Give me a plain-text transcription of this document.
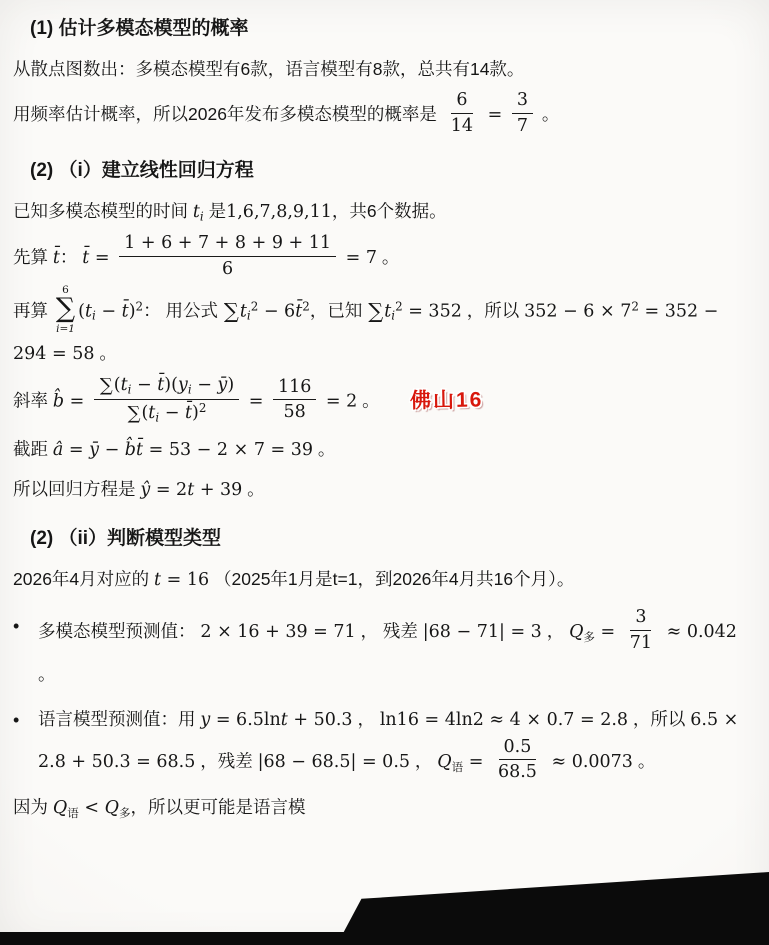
(1) 估计多模态模型的概率
从散点图数出：多模态模型有6款，语言模型有8款，总共有14款。
用频率估计概率，所以2026年发布多模态模型的概率是 $\frac{6}{14} = \frac{3}{7}$ 。
(2) （i）建立线性回归方程
已知多模态模型的时间 ti 是1,6,7,8,9,11，共6个数据。
先算 t̄： t̄ = $\frac{1 + 6 + 7 + 8 + 9 + 11}{6} = 7$ 。
再算
6
∑
i=1
(ti − t̄)$^2$： 用公式 $\sum ti^2$ − 6t̄$^2$，已知 $\sum ti^2 = 352$ ，所以 $352 - 6 \times 7^2 = 352 - 294 = 58$ 。
斜率 b̂ = $\frac{\sum(ti - t̄)(yi - ȳ)}{\sum(ti - t̄)^2} = \frac{116}{58} = 2$ 。 佛山16
截距 â = ȳ − b̂t̄ = 53 − 2 × 7 = 39 。
所以回归方程是 ŷ = 2t + 39 。
(2) （ii）判断模型类型
2026年4月对应的 t = 16 （2025年1月是t=1，到2026年4月共16个月）。
•	多模态模型预测值： 2 × 16 + 39 = 71 ， 残差 |68 − 71| = 3 ， $Q_多 = \frac{3}{71} \approx 0.042$ 。
•	语言模型预测值：用 y = 6.5lnt + 50.3 ， ln16 = 4ln2 ≈ 4 × 0.7 = 2.8 ，所以 6.5 × 2.8 + 50.3 = 68.5 ，残差 |68 − 68.5| = 0.5 ， $Q_语 = \frac{0.5}{68.5} \approx 0.0073$ 。
因为 $Q_语 < Q_多$，所以更可能是语言模
